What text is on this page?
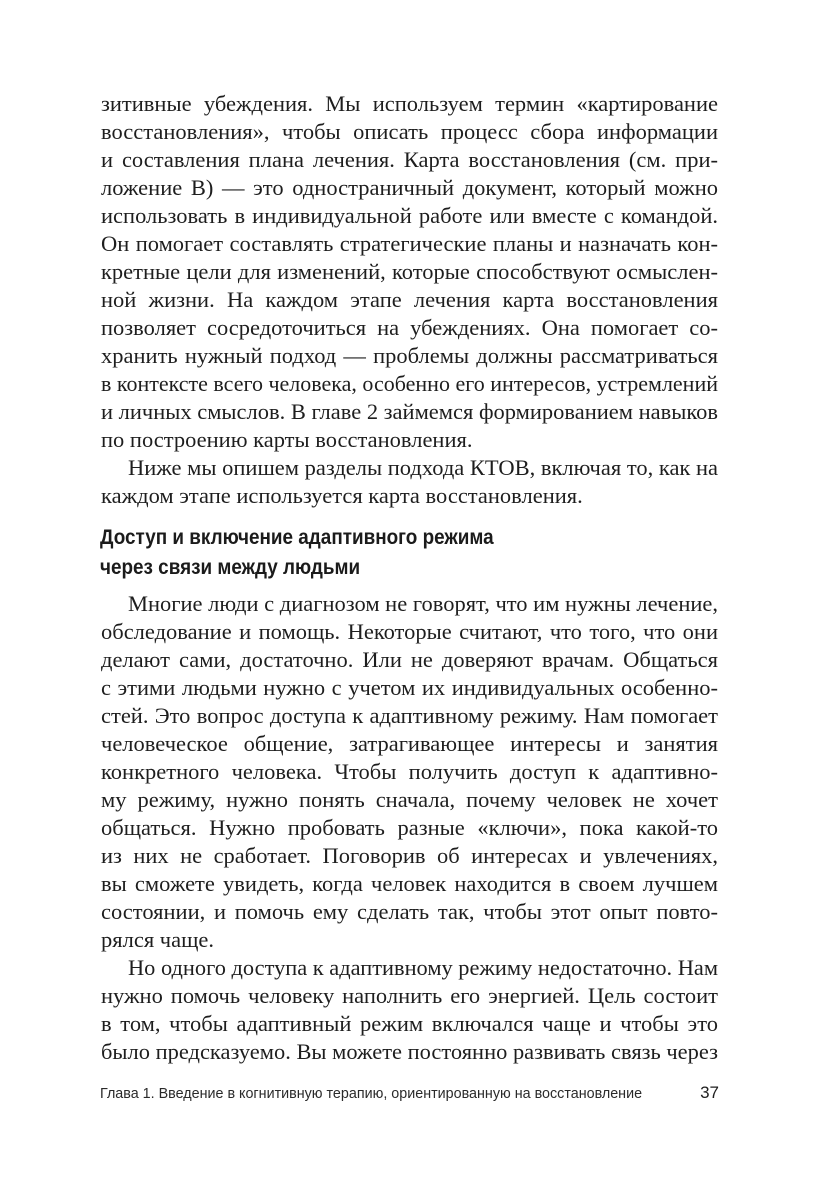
зитивные убеждения. Мы используем термин «картирование
восстановления», чтобы описать процесс сбора информации
и составления плана лечения. Карта восстановления (см. при-
ложение В) — это одностраничный документ, который можно
использовать в индивидуальной работе или вместе с командой.
Он помогает составлять стратегические планы и назначать кон-
кретные цели для изменений, которые способствуют осмыслен-
ной жизни. На каждом этапе лечения карта восстановления
позволяет сосредоточиться на убеждениях. Она помогает со-
хранить нужный подход — проблемы должны рассматриваться
в контексте всего человека, особенно его интересов, устремлений
и личных смыслов. В главе 2 займемся формированием навыков
по построению карты восстановления.
Ниже мы опишем разделы подхода КТОВ, включая то, как на
каждом этапе используется карта восстановления.
Доступ и включение адаптивного режима
через связи между людьми
Многие люди с диагнозом не говорят, что им нужны лечение,
обследование и помощь. Некоторые считают, что того, что они
делают сами, достаточно. Или не доверяют врачам. Общаться
с этими людьми нужно с учетом их индивидуальных особенно-
стей. Это вопрос доступа к адаптивному режиму. Нам помогает
человеческое общение, затрагивающее интересы и занятия
конкретного человека. Чтобы получить доступ к адаптивно-
му режиму, нужно понять сначала, почему человек не хочет
общаться. Нужно пробовать разные «ключи», пока какой-то
из них не сработает. Поговорив об интересах и увлечениях,
вы сможете увидеть, когда человек находится в своем лучшем
состоянии, и помочь ему сделать так, чтобы этот опыт повто-
рялся чаще.
Но одного доступа к адаптивному режиму недостаточно. Нам
нужно помочь человеку наполнить его энергией. Цель состоит
в том, чтобы адаптивный режим включался чаще и чтобы это
было предсказуемо. Вы можете постоянно развивать связь через
Глава 1. Введение в когнитивную терапию, ориентированную на восстановление	37
